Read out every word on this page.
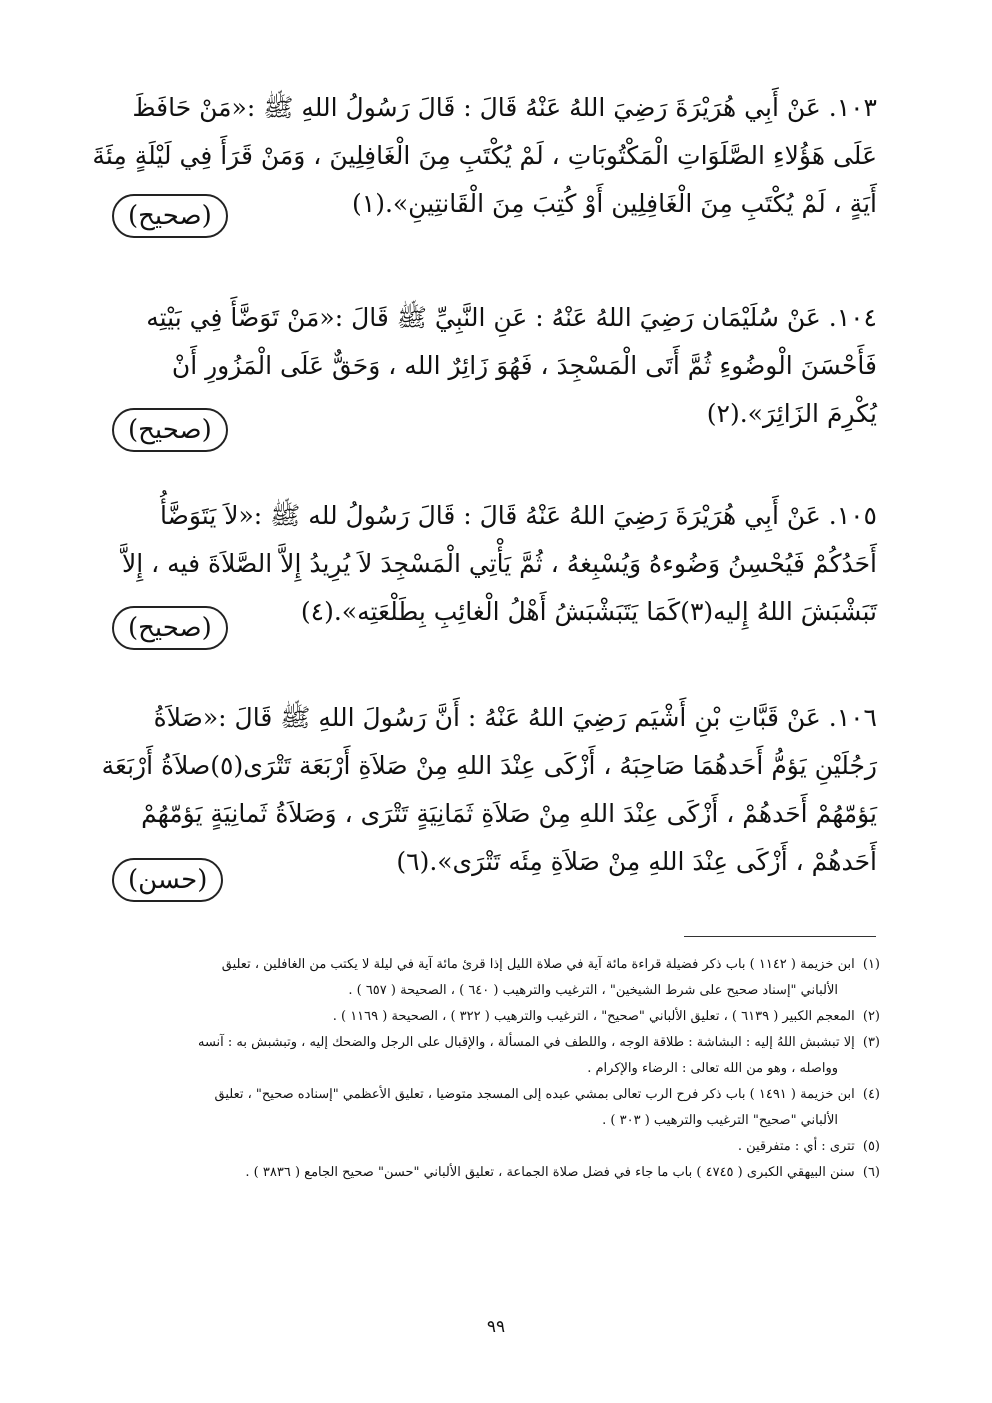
١٠٣. عَنْ أَبِي هُرَيْرَةَ رَضِيَ اللهُ عَنْهُ قَالَ : قَالَ رَسُولُ اللهِ ﷺ :«مَنْ حَافَظَ
عَلَى هَؤُلاءِ الصَّلَوَاتِ الْمَكْتُوبَاتِ ، لَمْ يُكْتَبِ مِنَ الْغَافِلِينَ ، وَمَنْ قَرَأَ فِي لَيْلَةٍ مِئَةَ
أَيَةٍ ، لَمْ يُكْتَبِ مِنَ الْغَافِلِين أَوْ كُتِبَ مِنَ الْقَانتِينِ».(١)
(صحيح)
١٠٤. عَنْ سُلَيْمَان رَضِيَ اللهُ عَنْهُ : عَنِ النَّبِيِّ ﷺ قَالَ :«مَنْ تَوَضَّأَ فِي بَيْتِه
فَأَحْسَنَ الْوضُوءِ ثُمَّ أَتَى الْمَسْجِدَ ، فَهُوَ زَائِرٌ الله ، وَحَقٌّ عَلَى الْمَزُورِ أَنْ
يُكْرِمَ الزَائِرَ».(٢)
(صحيح)
١٠٥. عَنْ أَبِي هُرَيْرَةَ رَضِيَ اللهُ عَنْهُ قَالَ : قَالَ رَسُولُ لله ﷺ :«لاَ يَتَوَضَّأُ
أَحَدُكُمْ فَيُحْسِنُ وَضُوءهُ وَيُسْبِغهُ ، ثُمَّ يَأْتِي الْمَسْجِدَ لاَ يُرِيدُ إِلاَّ الصَّلاَةَ فيه ، إِلاَّ
تَبَشْبَشَ اللهُ إِليه(٣)كَمَا يَتَبَشْبَشُ أَهْلُ الْغائِبِ بِطَلْعَتِه».(٤)
(صحيح)
١٠٦. عَنْ قَبَّاتِ بْنِ أَشْيَم رَضِيَ اللهُ عَنْهُ : أَنَّ رَسُولَ اللهِ ﷺ قَالَ :«صَلاَةُ
رَجُلَيْنِ يَؤمُّ أَحَدهُمَا صَاحِبَهُ ، أَزْكَى عِنْدَ اللهِ مِنْ صَلاَةِ أَرْبَعَة تَتْرَى(٥)صلاَةُ أَرْبَعَة
يَؤمّهُمْ أَحَدهُمْ ، أَزْكَى عِنْدَ اللهِ مِنْ صَلاَةِ ثَمَانِيَةٍ تَتْرَى ، وَصَلاَةُ ثَمانِيَةٍ يَؤمّهُمْ
أَحَدهُمْ ، أَزْكَى عِنْدَ اللهِ مِنْ صَلاَةِ مِئَه تَتْرَى».(٦)
(حسن)
(١) ابن خزيمة ( ١١٤٢ ) باب ذكر فضيلة قراءة مائة آية في صلاة الليل إذا قرئ مائة آية في ليلة لا يكتب من الغافلين ، تعليق
الألباني "إسناد صحيح على شرط الشيخين" ، الترغيب والترهيب ( ٦٤٠ ) ، الصحيحة ( ٦٥٧ ) .
(٢) المعجم الكبير ( ٦١٣٩ ) ، تعليق الألباني "صحيح" ، الترغيب والترهيب ( ٣٢٢ ) ، الصحيحة ( ١١٦٩ ) .
(٣) إلا تبشبش اللهُ إليه : البشاشة : طلاقة الوجه ، واللطف في المسألة ، والإقبال على الرجل والضحك إليه ، وتبشبش به : آنسه
وواصله ، وهو من الله تعالى : الرضاء والإكرام .
(٤) ابن خزيمة ( ١٤٩١ ) باب ذكر فرح الرب تعالى بمشي عبده إلى المسجد متوضيا ، تعليق الأعظمي "إسناده صحيح" ، تعليق
الألباني "صحيح" الترغيب والترهيب ( ٣٠٣ ) .
(٥) تترى : أي : متفرقين .
(٦) سنن البيهقي الكبرى ( ٤٧٤٥ ) باب ما جاء في فضل صلاة الجماعة ، تعليق الألباني "حسن" صحيح الجامع ( ٣٨٣٦ ) .
٩٩
